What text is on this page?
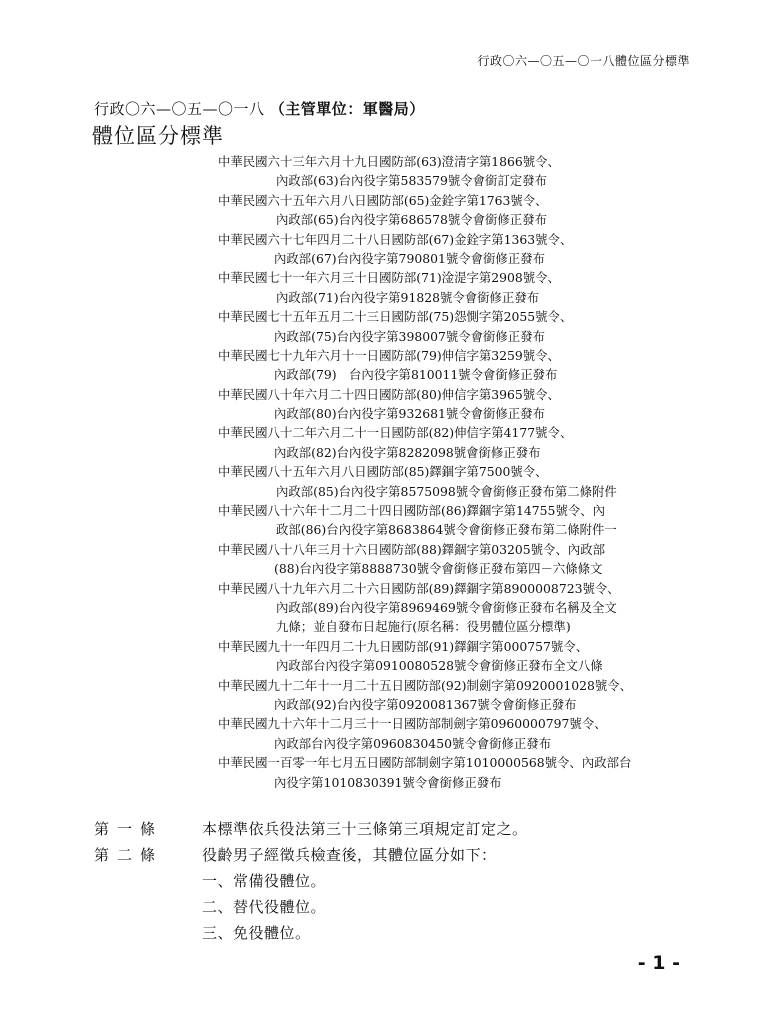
行政〇六—〇五—〇一八體位區分標準
行政〇六—〇五—〇一八 （主管單位：軍醫局）
體位區分標準
中華民國六十三年六月十九日國防部(63)澄清字第1866號令、
內政部(63)台內役字第583579號令會銜訂定發布
中華民國六十五年六月八日國防部(65)金銓字第1763號令、
內政部(65)台內役字第686578號令會銜修正發布
中華民國六十七年四月二十八日國防部(67)金銓字第1363號令、
內政部(67)台內役字第790801號令會銜修正發布
中華民國七十一年六月三十日國防部(71)淦湜字第2908號令、
內政部(71)台內役字第91828號令會銜修正發布
中華民國七十五年五月二十三日國防部(75)怨惻字第2055號令、
內政部(75)台內役字第398007號令會銜修正發布
中華民國七十九年六月十一日國防部(79)伸信字第3259號令、
內政部(79)　台內役字第810011號令會銜修正發布
中華民國八十年六月二十四日國防部(80)伸信字第3965號令、
內政部(80)台內役字第932681號令會銜修正發布
中華民國八十二年六月二十一日國防部(82)伸信字第4177號令、
內政部(82)台內役字第8282098號會銜修正發布
中華民國八十五年六月八日國防部(85)鐸錮字第7500號令、
內政部(85)台內役字第8575098號令會銜修正發布第二條附件
中華民國八十六年十二月二十四日國防部(86)鐸錮字第14755號令、內
政部(86)台內役字第8683864號令會銜修正發布第二條附件一
中華民國八十八年三月十六日國防部(88)鐸錮字第03205號令、內政部
(88)台內役字第8888730號令會銜修正發布第四－六條條文
中華民國八十九年六月二十六日國防部(89)鐸錮字第8900008723號令、
內政部(89)台內役字第8969469號令會銜修正發布名稱及全文
九條；並自發布日起施行(原名稱：役男體位區分標準)
中華民國九十一年四月二十九日國防部(91)鐸錮字第000757號令、
內政部台內役字第0910080528號令會銜修正發布全文八條
中華民國九十二年十一月二十五日國防部(92)制劍字第0920001028號令、
內政部(92)台內役字第0920081367號令會銜修正發布
中華民國九十六年十二月三十一日國防部制劍字第0960000797號令、
內政部台內役字第0960830450號令會銜修正發布
中華民國一百零一年七月五日國防部制劍字第1010000568號令、內政部台
內役字第1010830391號令會銜修正發布
第一條	本標準依兵役法第三十三條第三項規定訂定之。
第二條	役齡男子經徵兵檢查後，其體位區分如下：
一、常備役體位。
二、替代役體位。
三、免役體位。
- 1 -
